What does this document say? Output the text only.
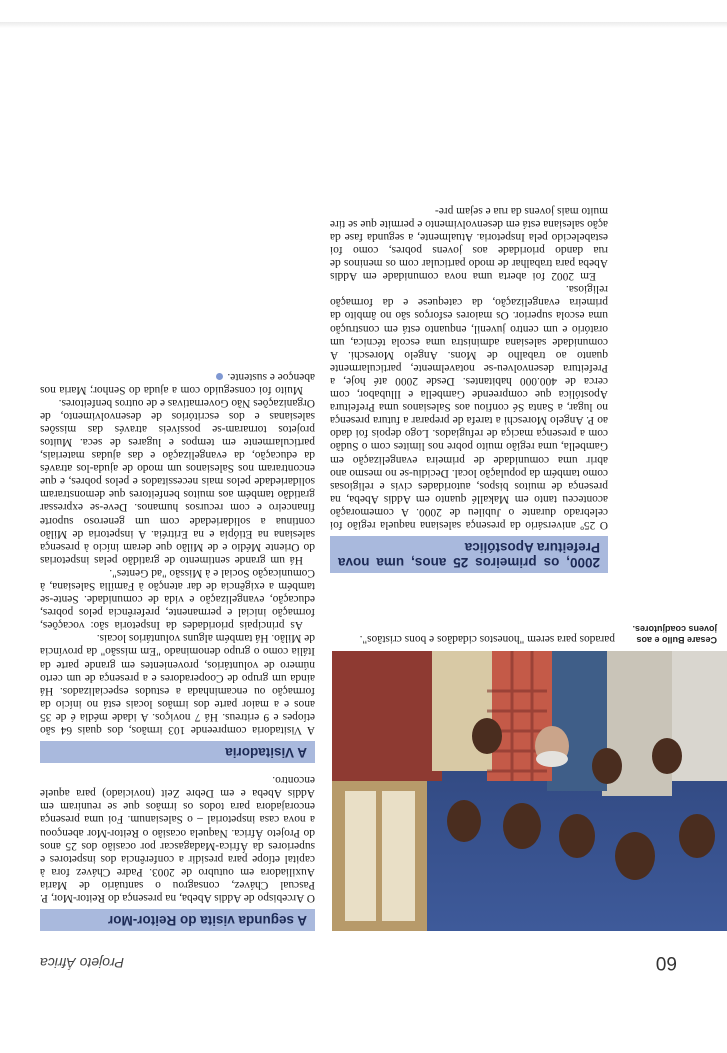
60
Projeto África
Cesare Bullo e aos jovens coadjutores.

parados para serem "honestos cidadãos e bons cristãos".

2000, os primeiros 25 anos, uma nova Prefeitura Apostólica

O 25º aniversário da presença salesiana naquela região foi celebrado durante o Jubileu de 2000. A comemoração aconteceu tanto em Makallé quanto em Addis Abeba, na presença de muitos bispos, autoridades civis e religiosas como também da população local. Decidiu-se no mesmo ano abrir uma comunidade de primeira evangelização em Gambella, uma região muito pobre nos limites com o Sudão com a presença maciça de refugiados. Logo depois foi dado ao P. Angelo Moreschi a tarefa de preparar a futura presença no lugar, a Santa Sé confiou aos Salesianos uma Prefeitura Apostólica que compreende Gambella e Illubabor, com cerca de 400.000 habitantes. Desde 2000 até hoje, a Prefeitura desenvolveu-se notavelmente, particularmente quanto ao trabalho de Mons. Angelo Moreschi. A comunidade salesiana administra uma escola técnica, um oratório e um centro juvenil, enquanto está em construção uma escola superior. Os maiores esforços são no âmbito da primeira evangelização, da catequese e da formação religiosa.

Em 2002 foi aberta uma nova comunidade em Addis Abeba para trabalhar de modo particular com os meninos de rua dando prioridade aos jovens pobres, como foi estabelecido pela Inspetoria. Atualmente, a segunda fase da ação salesiana está em desenvolvimento e permite que se tire muito mais jovens da rua e sejam pre-

A segunda visita do Reitor-Mor

O Arcebispo de Addis Abeba, na presença do Reitor-Mor, P. Pascual Chávez, consagrou o santuário de Maria Auxiliadora em outubro de 2003. Padre Chávez fora à capital etíope para presidir a conferência dos inspetores e superiores da África-Madagascar por ocasião dos 25 anos do Projeto África. Naquela ocasião o Reitor-Mor abençoou a nova casa inspetorial – o Salesianum. Foi uma presença encorajadora para todos os irmãos que se reuniram em Addis Abeba e em Debre Zeit (noviciado) para aquele encontro.

A Visitadoria

A Visitadoria compreende 103 irmãos, dos quais 64 são etíopes e 9 eritreus. Há 7 noviços. A idade média é de 35 anos e a maior parte dos irmãos locais está no início da formação ou encaminhada a estudos especializados. Há ainda um grupo de Cooperadores e a presença de um certo número de voluntários, provenientes em grande parte da Itália como o grupo denominado "Em missão" da província de Milão. Há também alguns voluntários locais.

As principais prioridades da Inspetoria são: vocações, formação inicial e permanente, preferência pelos pobres, educação, evangelização e vida de comunidade. Sente-se também a exigência de dar atenção à Família Salesiana, à Comunicação Social e à Missão "ad Gentes".

Há um grande sentimento de gratidão pelas inspetorias do Oriente Médio e de Milão que deram início à presença salesiana na Etiópia e na Eritréia. A inspetoria de Milão continua a solidariedade com um generoso suporte financeiro e com recursos humanos. Deve-se expressar gratidão também aos muitos benfeitores que demonstraram solidariedade pelos mais necessitados e pelos pobres, e que encontraram nos Salesianos um modo de ajuda-los através da educação, da evangelização e das ajudas materiais, particularmente em tempos e lugares de seca. Muitos projetos tornaram-se possíveis através das missões salesianas e dos escritórios de desenvolvimento, de Organizações Não Governativas e de outros benfeitores.

Muito foi conseguido com a ajuda do Senhor; Maria nos abençoe e sustente.
